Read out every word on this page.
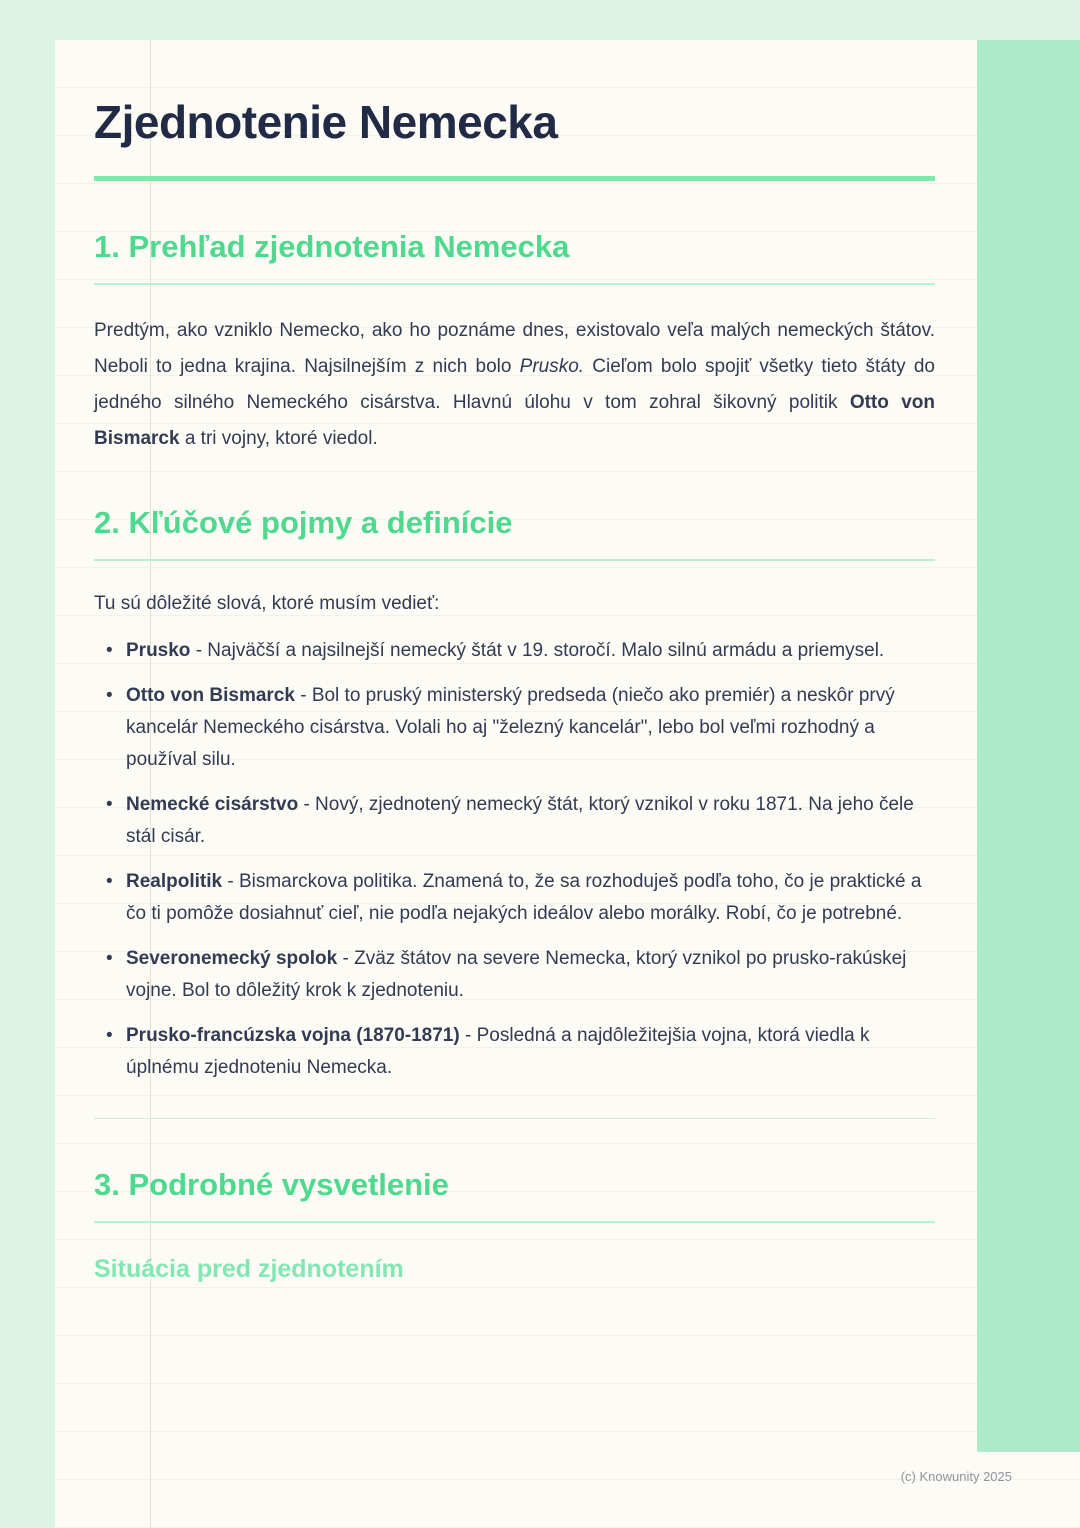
Zjednotenie Nemecka
1. Prehľad zjednotenia Nemecka
Predtým, ako vzniklo Nemecko, ako ho poznáme dnes, existovalo veľa malých nemeckých štátov. Neboli to jedna krajina. Najsilnejším z nich bolo Prusko. Cieľom bolo spojiť všetky tieto štáty do jedného silného Nemeckého cisárstva. Hlavnú úlohu v tom zohral šikovný politik Otto von Bismarck a tri vojny, ktoré viedol.
2. Kľúčové pojmy a definície
Tu sú dôležité slová, ktoré musím vedieť:
• Prusko - Najväčší a najsilnejší nemecký štát v 19. storočí. Malo silnú armádu a priemysel.
• Otto von Bismarck - Bol to pruský ministerský predseda (niečo ako premiér) a neskôr prvý kancelár Nemeckého cisárstva. Volali ho aj "železný kancelár", lebo bol veľmi rozhodný a používal silu.
• Nemecké cisárstvo - Nový, zjednotený nemecký štát, ktorý vznikol v roku 1871. Na jeho čele stál cisár.
• Realpolitik - Bismarckova politika. Znamená to, že sa rozhoduješ podľa toho, čo je praktické a čo ti pomôže dosiahnuť cieľ, nie podľa nejakých ideálov alebo morálky. Robí, čo je potrebné.
• Severonemecký spolok - Zväz štátov na severe Nemecka, ktorý vznikol po prusko-rakúskej vojne. Bol to dôležitý krok k zjednoteniu.
• Prusko-francúzska vojna (1870-1871) - Posledná a najdôležitejšia vojna, ktorá viedla k úplnému zjednoteniu Nemecka.
3. Podrobné vysvetlenie
Situácia pred zjednotením
(c) Knowunity 2025
